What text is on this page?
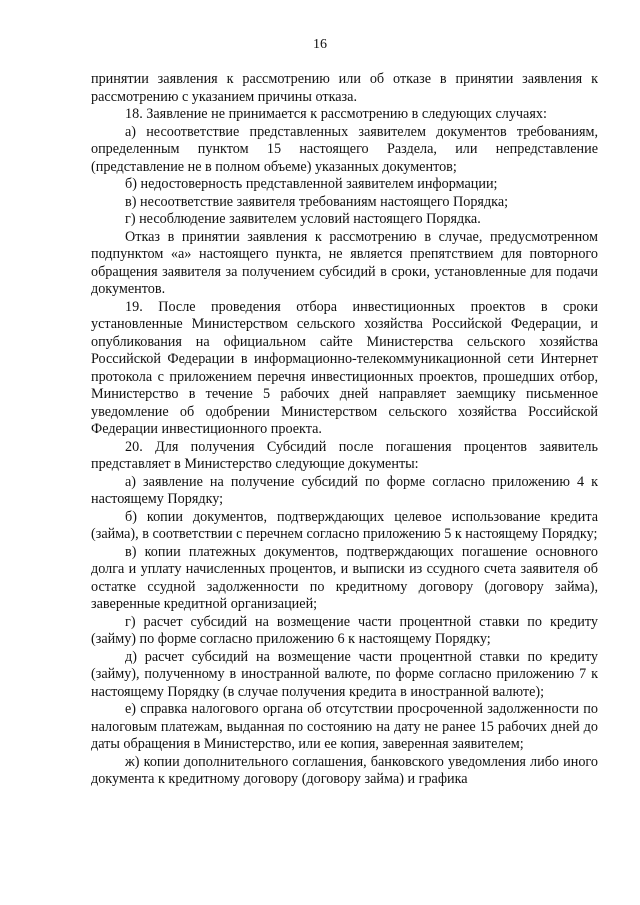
16

принятии заявления к рассмотрению или об отказе в принятии заявления к рассмотрению с указанием причины отказа.

18. Заявление не принимается к рассмотрению в следующих случаях:

а) несоответствие представленных заявителем документов требованиям, определенным пунктом 15 настоящего Раздела, или непредставление (представление не в полном объеме) указанных документов;

б) недостоверность представленной заявителем информации;

в) несоответствие заявителя требованиям настоящего Порядка;

г) несоблюдение заявителем условий настоящего Порядка.

Отказ в принятии заявления к рассмотрению в случае, предусмотренном подпунктом «а» настоящего пункта, не является препятствием для повторного обращения заявителя за получением субсидий в сроки, установленные для подачи документов.

19. После проведения отбора инвестиционных проектов в сроки установленные Министерством сельского хозяйства Российской Федерации, и опубликования на официальном сайте Министерства сельского хозяйства Российской Федерации в информационно-телекоммуникационной сети Интернет протокола с приложением перечня инвестиционных проектов, прошедших отбор, Министерство в течение 5 рабочих дней направляет заемщику письменное уведомление об одобрении Министерством сельского хозяйства Российской Федерации инвестиционного проекта.

20. Для получения Субсидий после погашения процентов заявитель представляет в Министерство следующие документы:

а) заявление на получение субсидий по форме согласно приложению 4 к настоящему Порядку;

б) копии документов, подтверждающих целевое использование кредита (займа), в соответствии с перечнем согласно приложению 5 к настоящему Порядку;

в) копии платежных документов, подтверждающих погашение основного долга и уплату начисленных процентов, и выписки из ссудного счета заявителя об остатке ссудной задолженности по кредитному договору (договору займа), заверенные кредитной организацией;

г) расчет субсидий на возмещение части процентной ставки по кредиту (займу) по форме согласно приложению 6 к настоящему Порядку;

д) расчет субсидий на возмещение части процентной ставки по кредиту (займу), полученному в иностранной валюте, по форме согласно приложению 7 к настоящему Порядку (в случае получения кредита в иностранной валюте);

е) справка налогового органа об отсутствии просроченной задолженности по налоговым платежам, выданная по состоянию на дату не ранее 15 рабочих дней до даты обращения в Министерство, или ее копия, заверенная заявителем;

ж) копии дополнительного соглашения, банковского уведомления либо иного документа к кредитному договору (договору займа) и графика
